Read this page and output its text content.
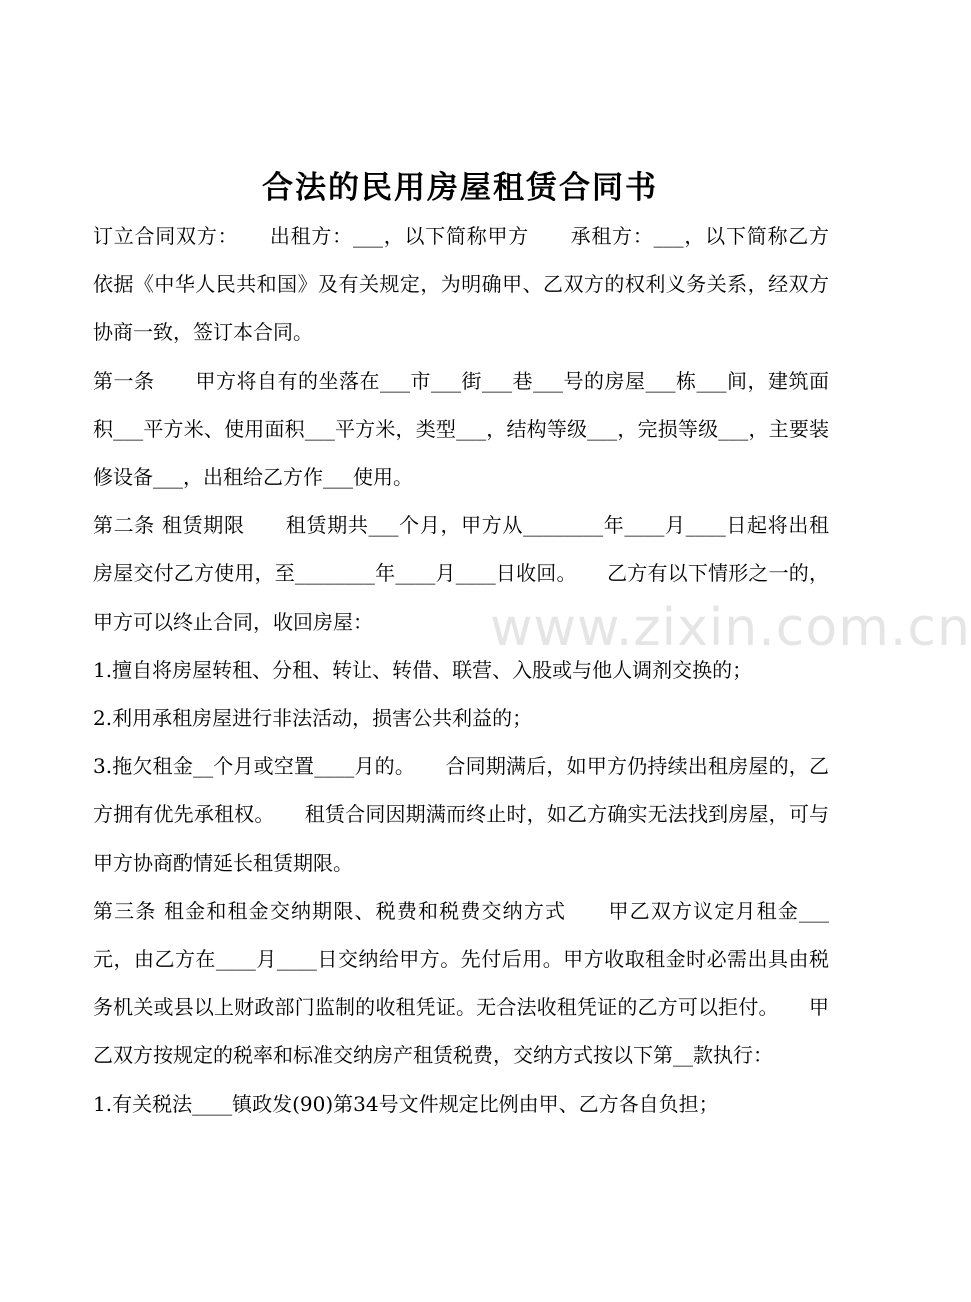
合法的民用房屋租赁合同书

订立合同双方：　　出租方：___，以下简称甲方　　承租方：___，以下简称乙方　　依据《中华人民共和国》及有关规定，为明确甲、乙双方的权利义务关系，经双方协商一致，签订本合同。

第一条　　甲方将自有的坐落在___市___街___巷___号的房屋___栋___间，建筑面积___平方米、使用面积___平方米，类型___，结构等级___，完损等级___，主要装修设备___，出租给乙方作___使用。

第二条 租赁期限　　租赁期共___个月，甲方从________年____月____日起将出租房屋交付乙方使用，至________年____月____日收回。　　乙方有以下情形之一的，甲方可以终止合同，收回房屋：

1.擅自将房屋转租、分租、转让、转借、联营、入股或与他人调剂交换的；

2.利用承租房屋进行非法活动，损害公共利益的；

3.拖欠租金__个月或空置____月的。　　合同期满后，如甲方仍持续出租房屋的，乙方拥有优先承租权。　　租赁合同因期满而终止时，如乙方确实无法找到房屋，可与甲方协商酌情延长租赁期限。

第三条 租金和租金交纳期限、税费和税费交纳方式　　甲乙双方议定月租金___元，由乙方在____月____日交纳给甲方。先付后用。甲方收取租金时必需出具由税务机关或县以上财政部门监制的收租凭证。无合法收租凭证的乙方可以拒付。　　甲乙双方按规定的税率和标准交纳房产租赁税费，交纳方式按以下第__款执行：

1.有关税法____镇政发(90)第34号文件规定比例由甲、乙方各自负担；

www.zixin.com.cn
